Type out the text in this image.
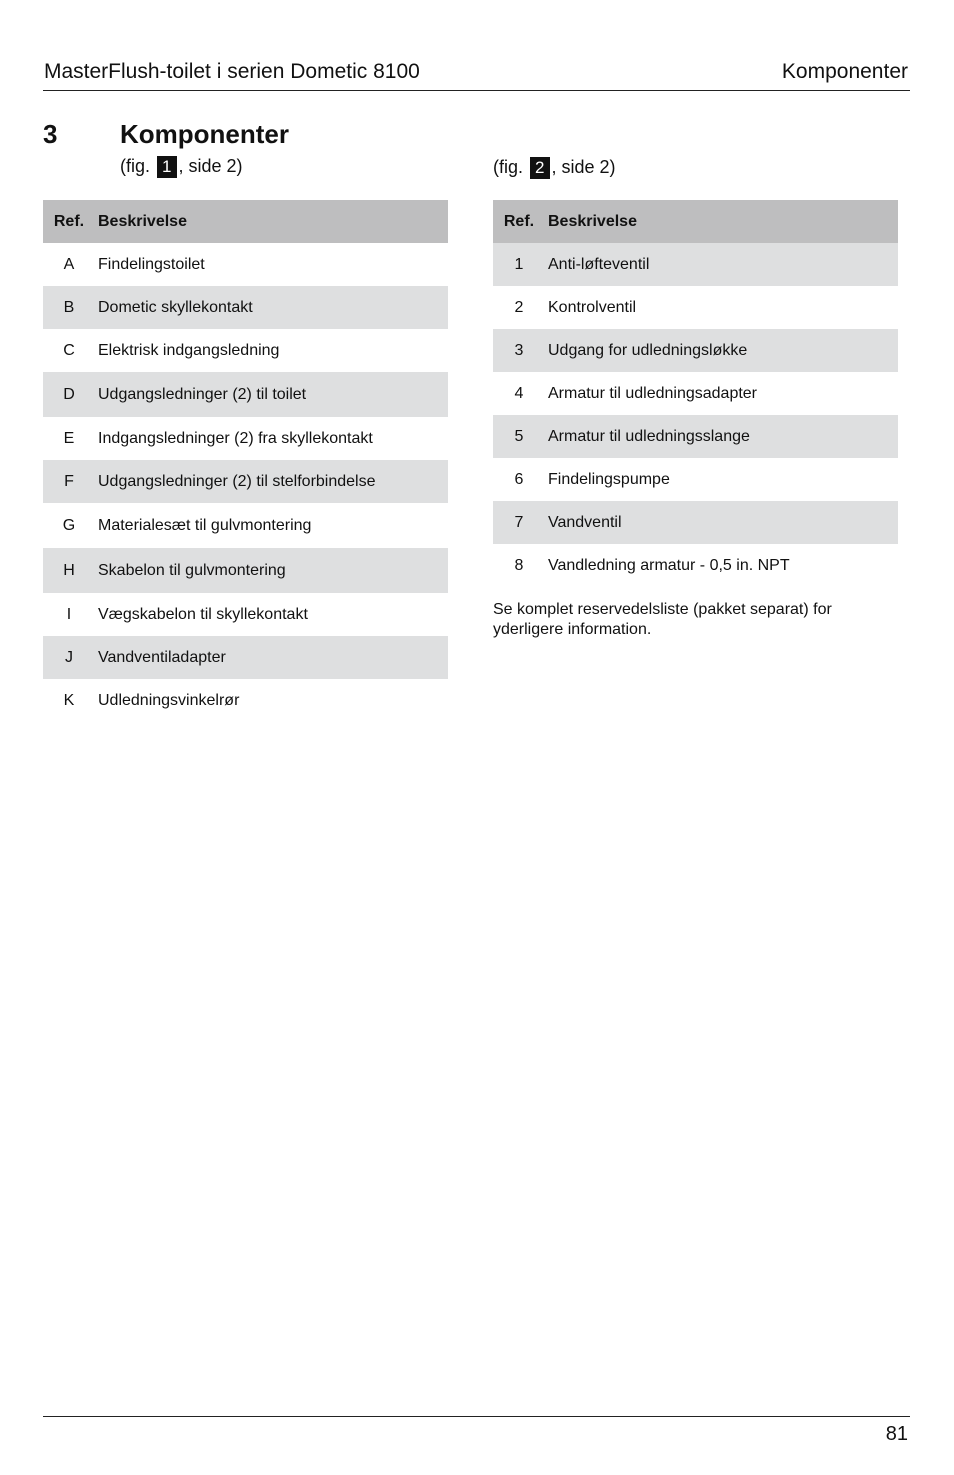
MasterFlush-toilet i serien Dometic 8100	Komponenter
3 Komponenter
(fig. 1 , side 2)	(fig. 2 , side 2)
Ref.	Beskrivelse
A	Findelingstoilet
B	Dometic skyllekontakt
C	Elektrisk indgangsledning
D	Udgangsledninger (2) til toilet
E	Indgangsledninger (2) fra skyllekontakt
F	Udgangsledninger (2) til stelforbindelse
G	Materialesæt til gulvmontering
H	Skabelon til gulvmontering
I	Vægskabelon til skyllekontakt
J	Vandventiladapter
K	Udledningsvinkelrør
Ref.	Beskrivelse
1	Anti-løfteventil
2	Kontrolventil
3	Udgang for udledningsløkke
4	Armatur til udledningsadapter
5	Armatur til udledningsslange
6	Findelingspumpe
7	Vandventil
8	Vandledning armatur - 0,5 in. NPT
Se komplet reservedelsliste (pakket separat) for yderligere information.
81
